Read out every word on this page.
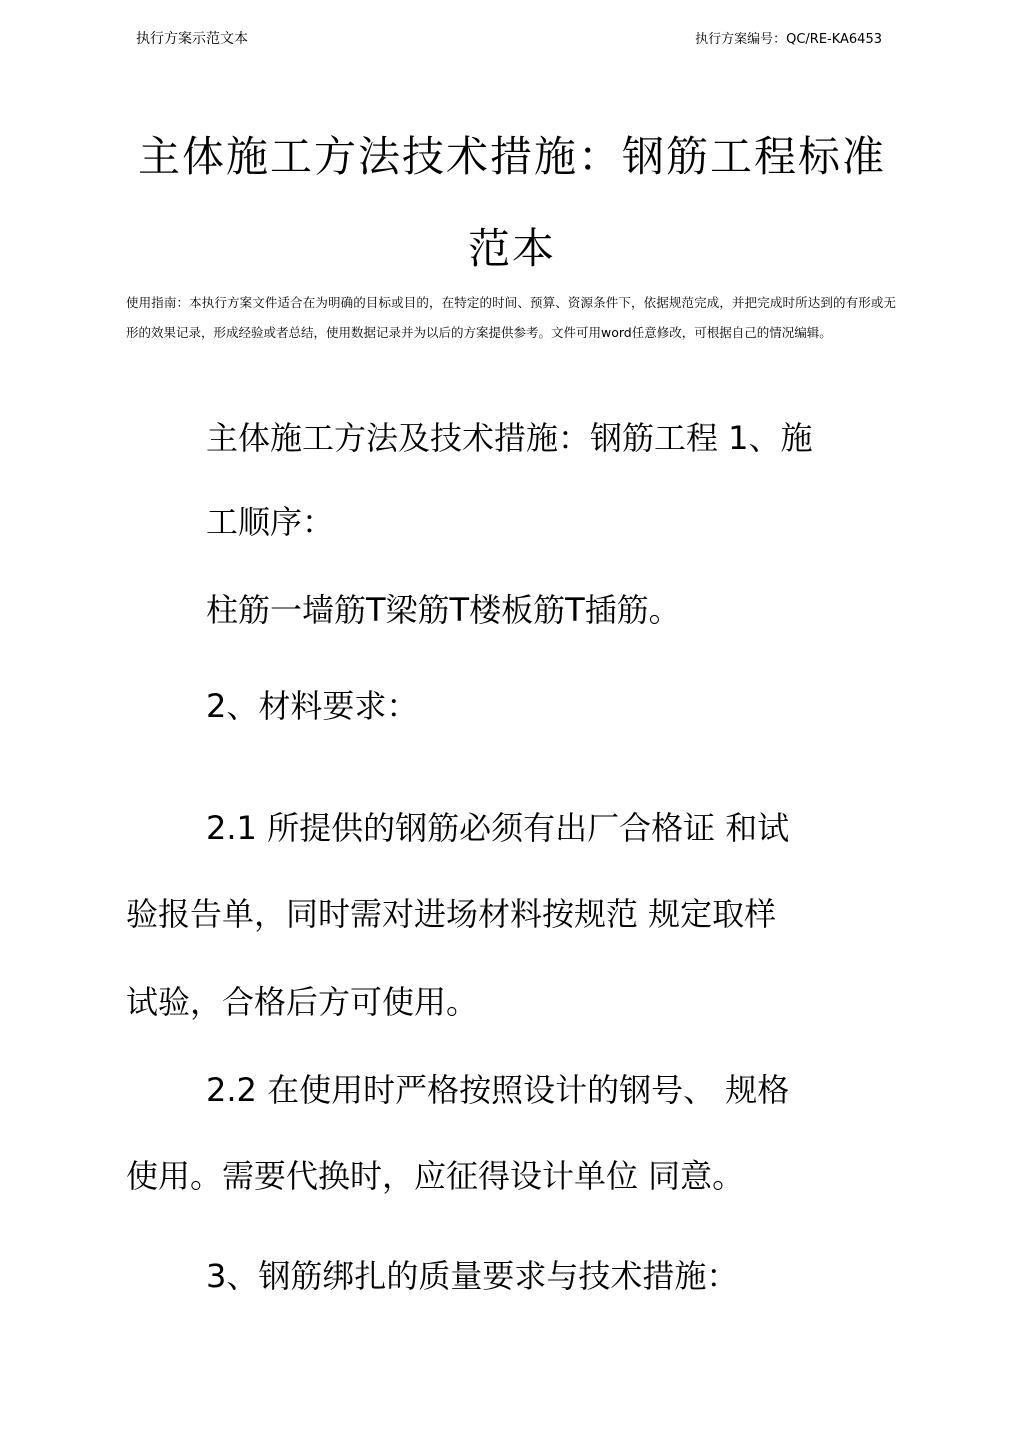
执行方案示范文本	执行方案编号：QC/RE-KA6453
主体施工方法技术措施：钢筋工程标准
范本
使用指南：本执行方案文件适合在为明确的目标或目的，在特定的时间、预算、资源条件下，依据规范完成，并把完成时所达到的有形或无形的效果记录，形成经验或者总结，使用数据记录并为以后的方案提供参考。文件可用word任意修改，可根据自己的情况编辑。
主体施工方法及技术措施：钢筋工程 1、施
工顺序：
柱筋一墙筋T梁筋T楼板筋T插筋。
2、材料要求：
2.1 所提供的钢筋必须有出厂合格证 和试
验报告单，同时需对进场材料按规范 规定取样
试验，合格后方可使用。
2.2 在使用时严格按照设计的钢号、 规格
使用。需要代换时，应征得设计单位 同意。
3、钢筋绑扎的质量要求与技术措施：
